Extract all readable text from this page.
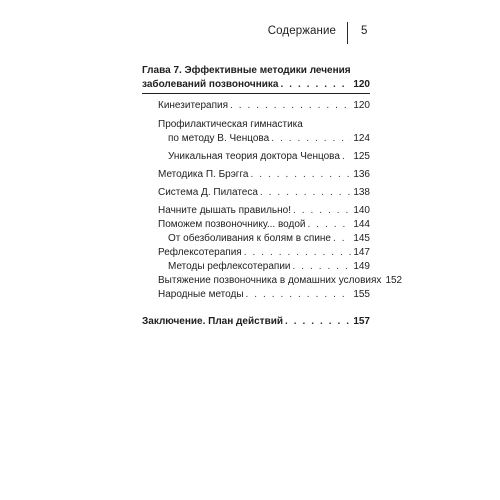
Содержание 5
Глава 7. Эффективные методики лечения
заболеваний позвоночника . . .	120
Кинезитерапия . . .	120
Профилактическая гимнастика
по методу В. Ченцова . . .	124
Уникальная теория доктора Ченцова . . . 125
Методика П. Брэгга . . .	136
Система Д. Пилатеса . . .	138
Начните дышать правильно! . . .	140
Поможем позвоночнику... водой . . .	144
От обезболивания к болям в спине . . . 145
Рефлексотерапия . . .	147
Методы рефлексотерапии . . .	149
Вытяжение позвоночника в домашних условиях 152
Народные методы . . .	155
Заключение. План действий . . .	157
